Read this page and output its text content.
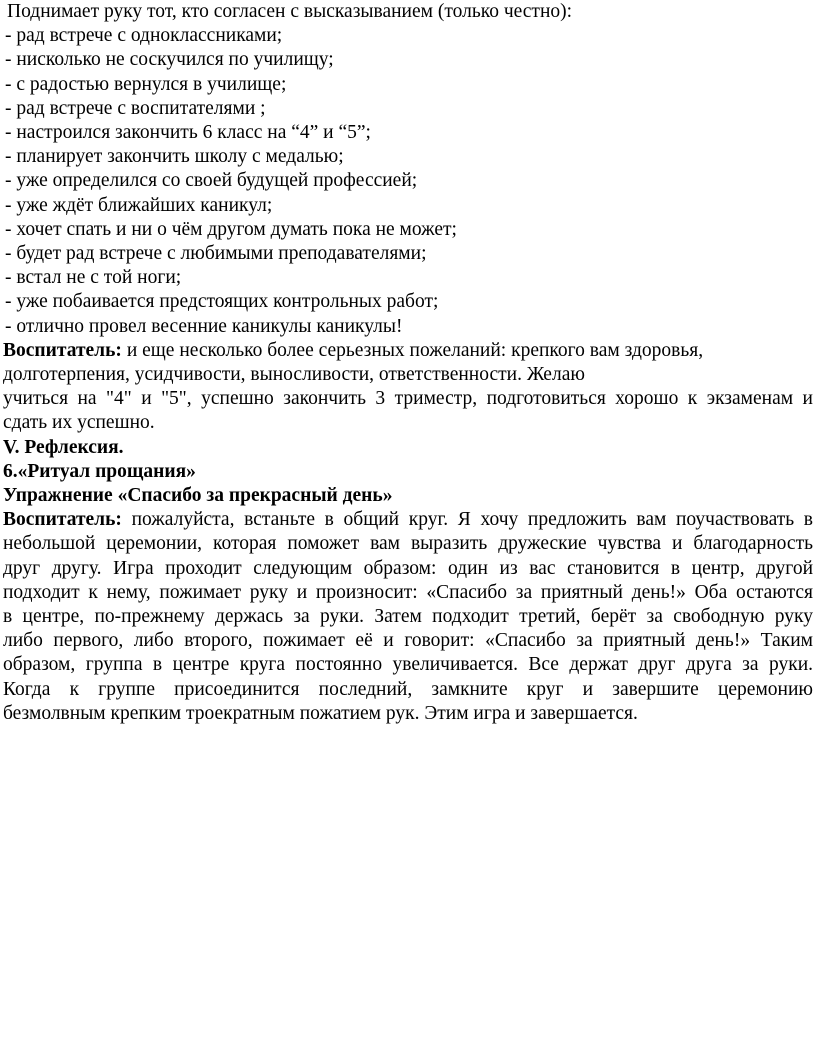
Поднимает руку тот, кто согласен с высказыванием (только честно):
- рад встрече с одноклассниками;
- нисколько не соскучился по училищу;
- с радостью вернулся в училище;
- рад встрече с воспитателями ;
- настроился закончить 6 класс на “4” и “5”;
- планирует закончить школу с медалью;
- уже определился со своей будущей профессией;
- уже ждёт ближайших каникул;
- хочет спать и ни о чём другом думать пока не может;
- будет рад встрече с любимыми преподавателями;
- встал не с той ноги;
- уже побаивается предстоящих контрольных работ;
- отлично провел весенние каникулы каникулы!
Воспитатель: и еще несколько более серьезных пожеланий: крепкого вам здоровья,
долготерпения, усидчивости, выносливости, ответственности. Желаю
учиться на "4" и "5", успешно закончить 3 триместр, подготовиться хорошо к экзаменам и
сдать их успешно.
V. Рефлексия.
6.«Ритуал прощания»
Упражнение «Спасибо за прекрасный день»
Воспитатель: пожалуйста, встаньте в общий круг. Я хочу предложить вам поучаствовать в
небольшой церемонии, которая поможет вам выразить дружеские чувства и благодарность
друг другу. Игра проходит следующим образом: один из вас становится в центр, другой
подходит к нему, пожимает руку и произносит: «Спасибо за приятный день!» Оба остаются
в центре, по-прежнему держась за руки. Затем подходит третий, берёт за свободную руку
либо первого, либо второго, пожимает её и говорит: «Спасибо за приятный день!» Таким
образом, группа в центре круга постоянно увеличивается. Все держат друг друга за руки.
Когда к группе присоединится последний, замкните круг и завершите церемонию
безмолвным крепким троекратным пожатием рук. Этим игра и завершается.
